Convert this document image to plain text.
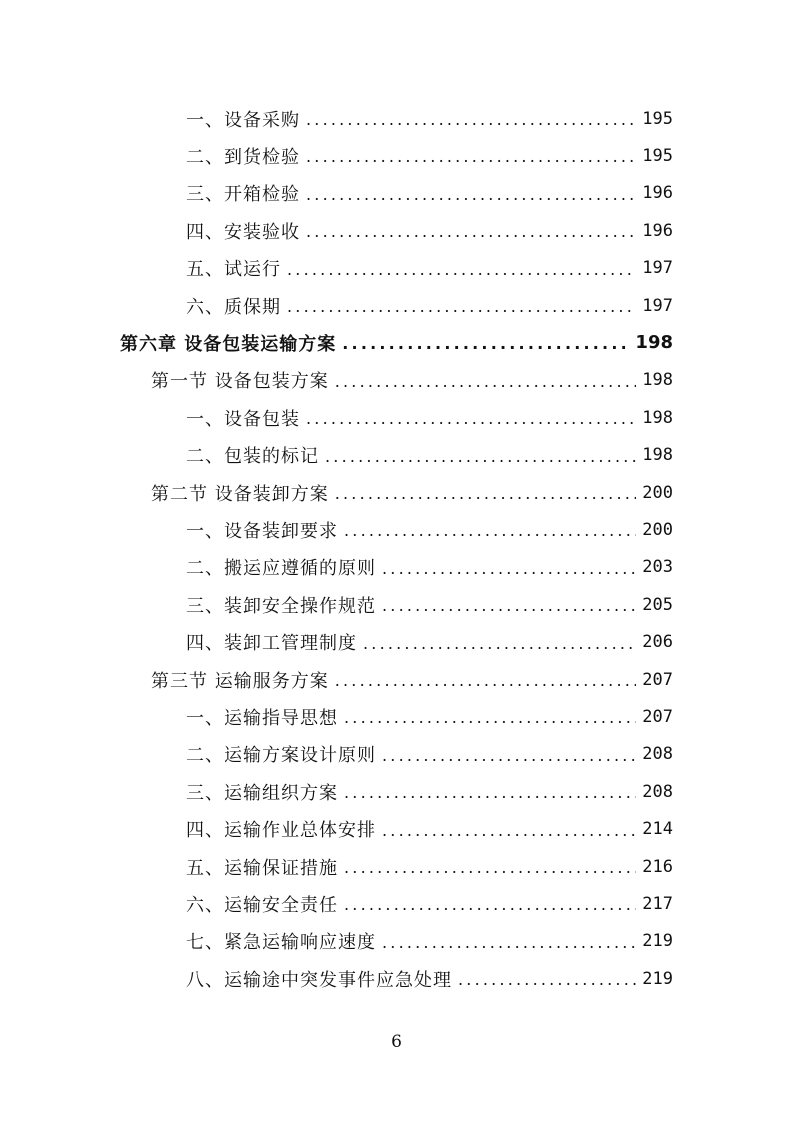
一、设备采购 .....	195
二、到货检验 .....	195
三、开箱检验 .....	196
四、安装验收 .....	196
五、试运行 .....	197
六、质保期 .....	197
第六章 设备包装运输方案 .....	198
第一节 设备包装方案 .....	198
一、设备包装 .....	198
二、包装的标记 .....	198
第二节 设备装卸方案 .....	200
一、设备装卸要求 .....	200
二、搬运应遵循的原则 .....	203
三、装卸安全操作规范 .....	205
四、装卸工管理制度 .....	206
第三节 运输服务方案 .....	207
一、运输指导思想 .....	207
二、运输方案设计原则 .....	208
三、运输组织方案 .....	208
四、运输作业总体安排 .....	214
五、运输保证措施 .....	216
六、运输安全责任 .....	217
七、紧急运输响应速度 .....	219
八、运输途中突发事件应急处理 .....	219
6
